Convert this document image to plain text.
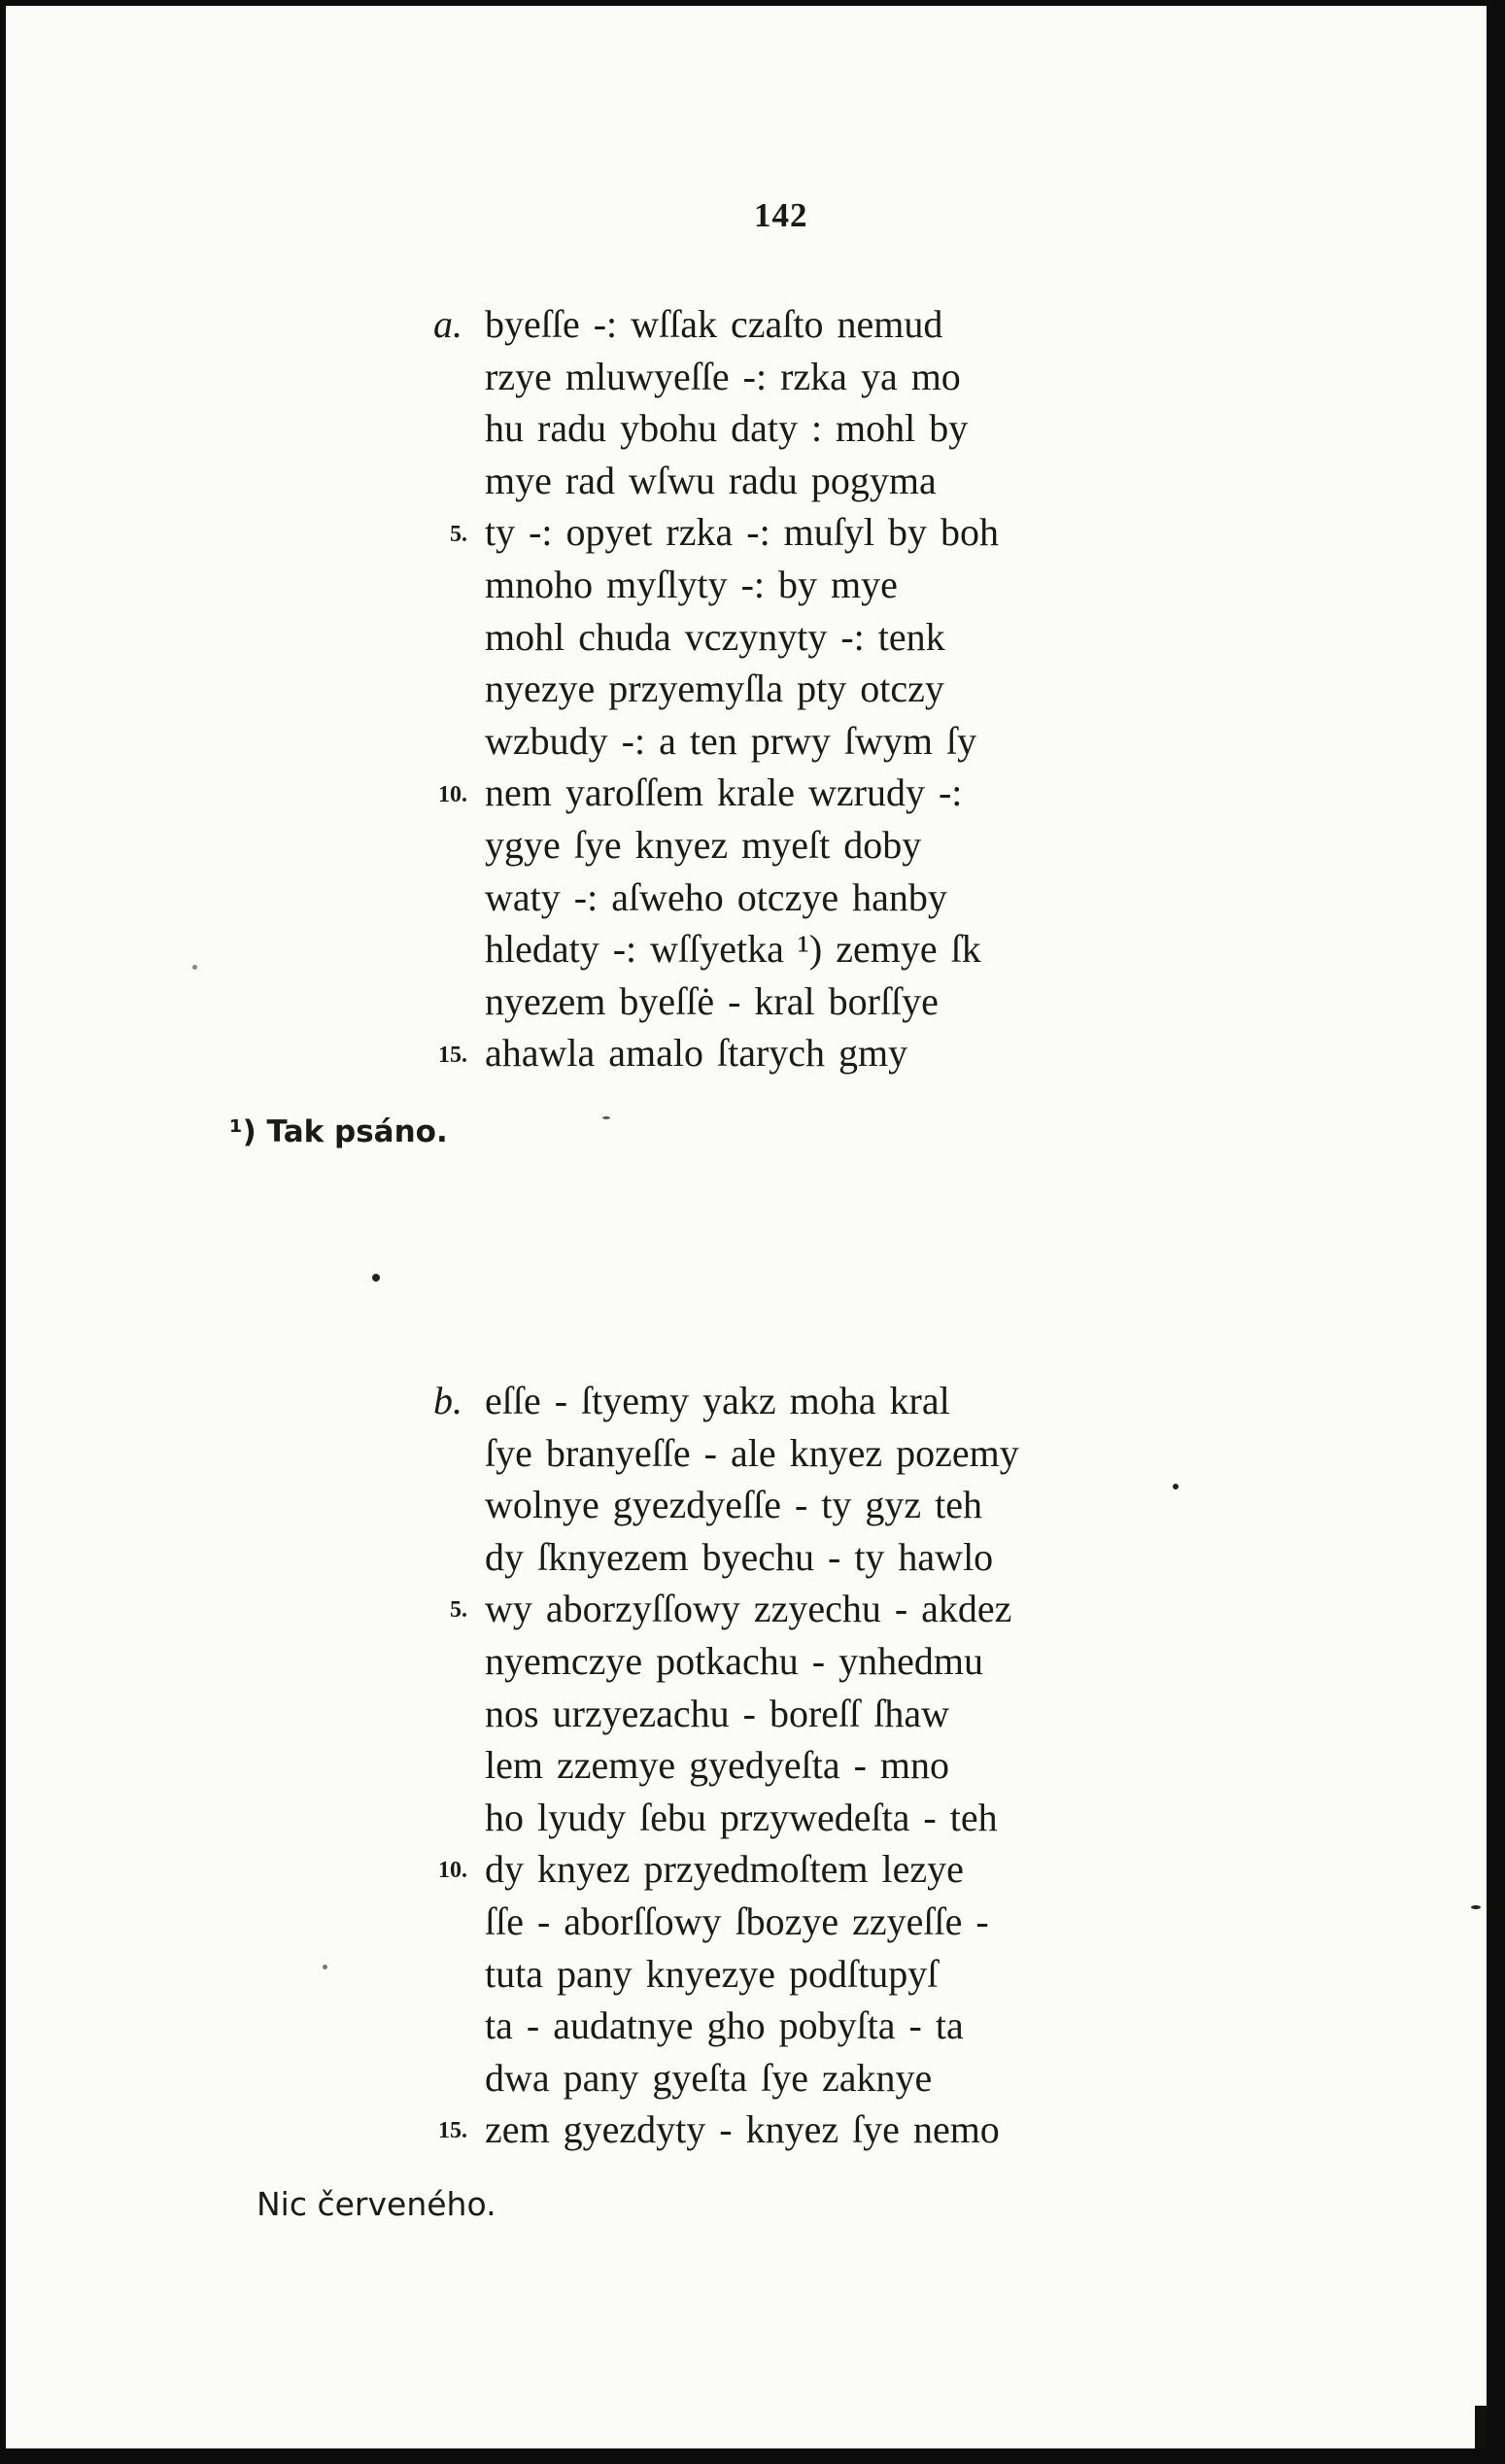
142
a.
5.
10.
15.
byeſſe -: wſſak czaſto nemud
rzye mluwyeſſe -: rzka ya mo
hu radu ybohu daty : mohl by
mye rad wſwu radu pogyma
ty -: opyet rzka -: muſyl by boh
mnoho myſlyty -: by mye
mohl chuda vczynyty -: tenk
nyezye przyemyſla pty otczy
wzbudy -: a ten prwy ſwym ſy
nem yaroſſem krale wzrudy -:
ygye ſye knyez myeſt doby
waty -: aſweho otczye hanby
hledaty -: wſſyetka ¹) zemye ſk
nyezem byeſſė - kral borſſye
ahawla amalo ſtarych gmy
¹) Tak psáno.
b.
5.
10.
15.
eſſe - ſtyemy yakz moha kral
ſye branyeſſe - ale knyez pozemy
wolnye gyezdyeſſe - ty gyz teh
dy ſknyezem byechu - ty hawlo
wy aborzyſſowy zzyechu - akdez
nyemczye potkachu - ynhedmu
nos urzyezachu - boreſſ ſhaw
lem zzemye gyedyeſta - mno
ho lyudy ſebu przywedeſta - teh
dy knyez przyedmoſtem lezye
ſſe - aborſſowy ſbozye zzyeſſe -
tuta pany knyezye podſtupyſ
ta - audatnye gho pobyſta - ta
dwa pany gyeſta ſye zaknye
zem gyezdyty - knyez ſye nemo
Nic červeného.
